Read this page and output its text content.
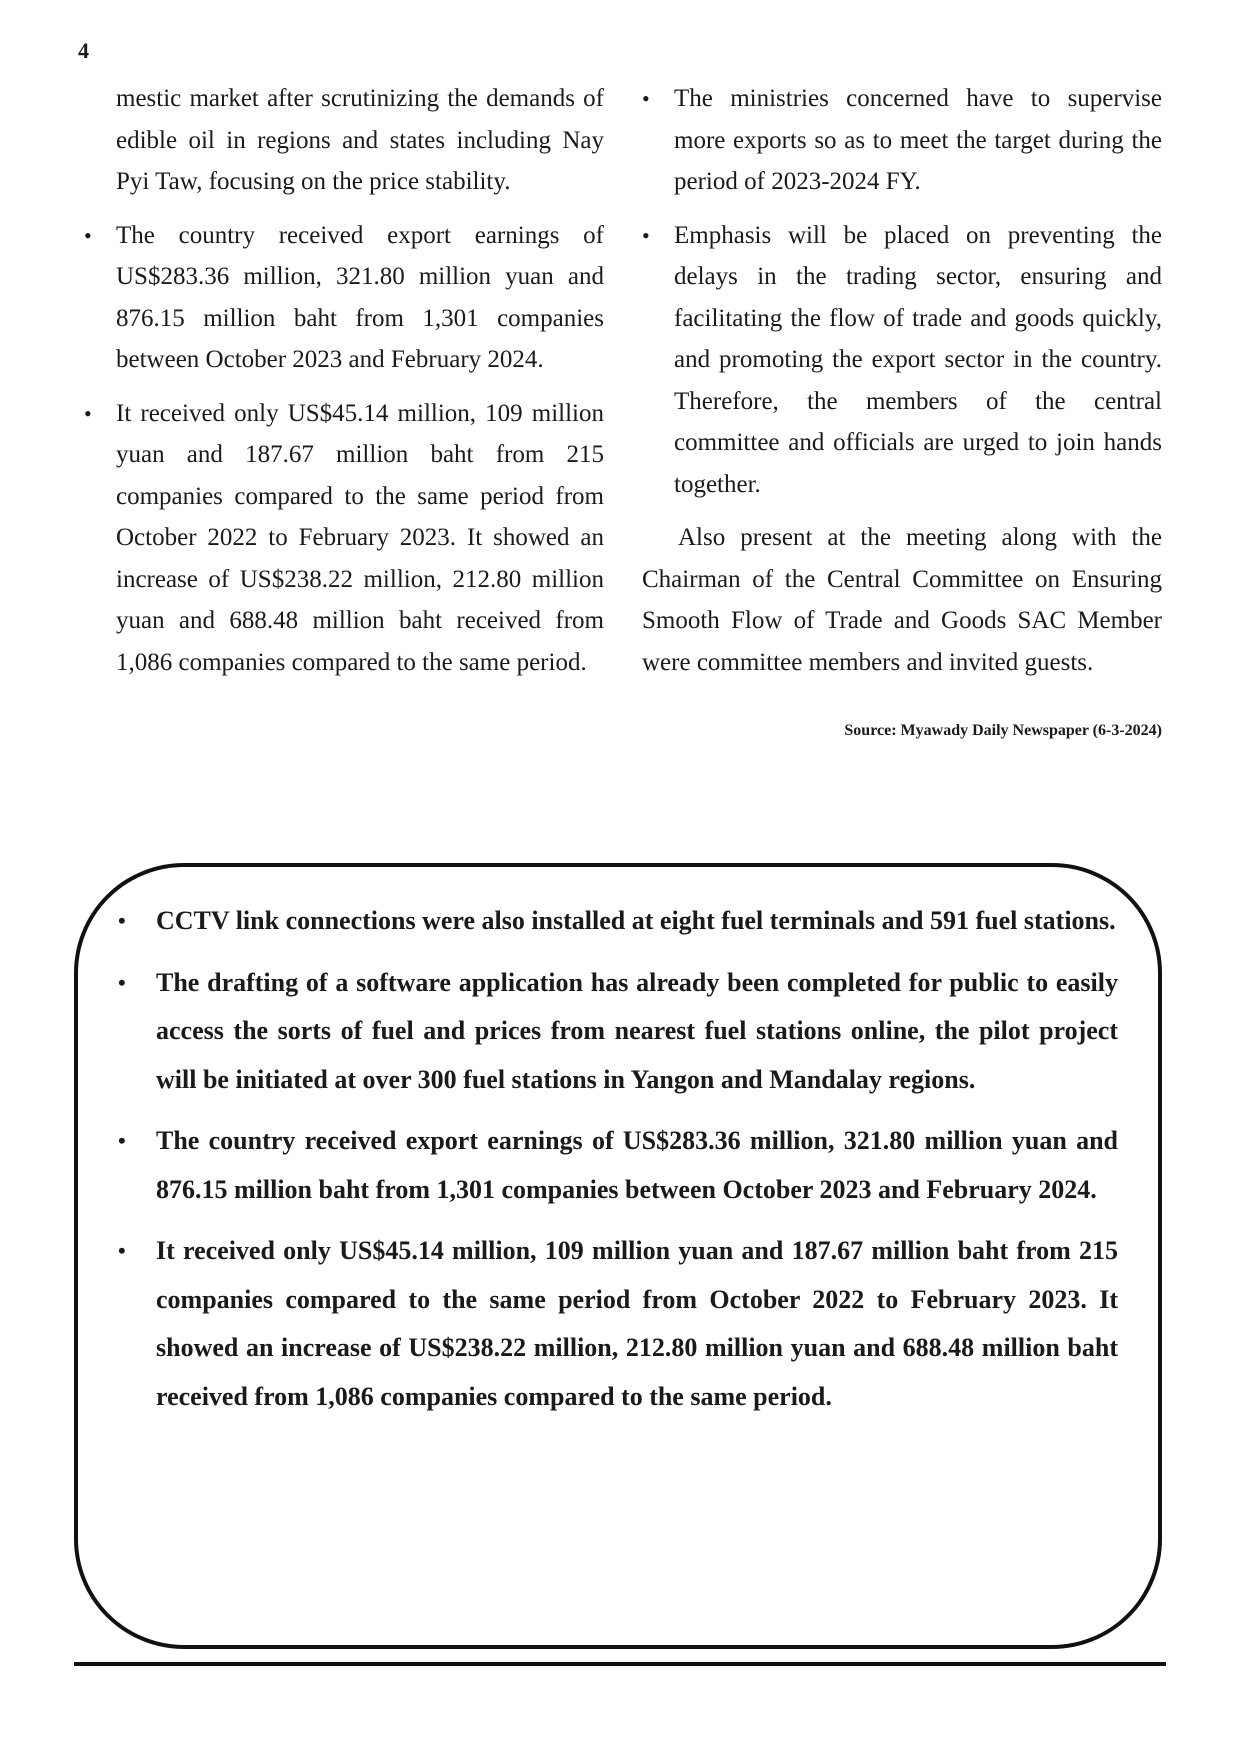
4

mestic market after scrutinizing the demands of edible oil in regions and states including Nay Pyi Taw, focusing on the price stability.

• The country received export earnings of US$283.36 million, 321.80 million yuan and 876.15 million baht from 1,301 companies between October 2023 and February 2024.
• It received only US$45.14 million, 109 million yuan and 187.67 million baht from 215 companies compared to the same period from October 2022 to February 2023. It showed an increase of US$238.22 million, 212.80 million yuan and 688.48 million baht received from 1,086 companies compared to the same period.
• The ministries concerned have to supervise more exports so as to meet the target during the period of 2023-2024 FY.
• Emphasis will be placed on preventing the delays in the trading sector, ensuring and facilitating the flow of trade and goods quickly, and promoting the export sector in the country. Therefore, the members of the central committee and officials are urged to join hands together.

Also present at the meeting along with the Chairman of the Central Committee on Ensuring Smooth Flow of Trade and Goods SAC Member were committee members and invited guests.

Source: Myawady Daily Newspaper (6-3-2024)
• CCTV link connections were also installed at eight fuel terminals and 591 fuel stations.
• The drafting of a software application has already been completed for public to easily access the sorts of fuel and prices from nearest fuel stations online, the pilot project will be initiated at over 300 fuel stations in Yangon and Mandalay regions.
• The country received export earnings of US$283.36 million, 321.80 million yuan and 876.15 million baht from 1,301 companies between October 2023 and February 2024.
• It received only US$45.14 million, 109 million yuan and 187.67 million baht from 215 companies compared to the same period from October 2022 to February 2023. It showed an increase of US$238.22 million, 212.80 million yuan and 688.48 million baht received from 1,086 companies compared to the same period.
